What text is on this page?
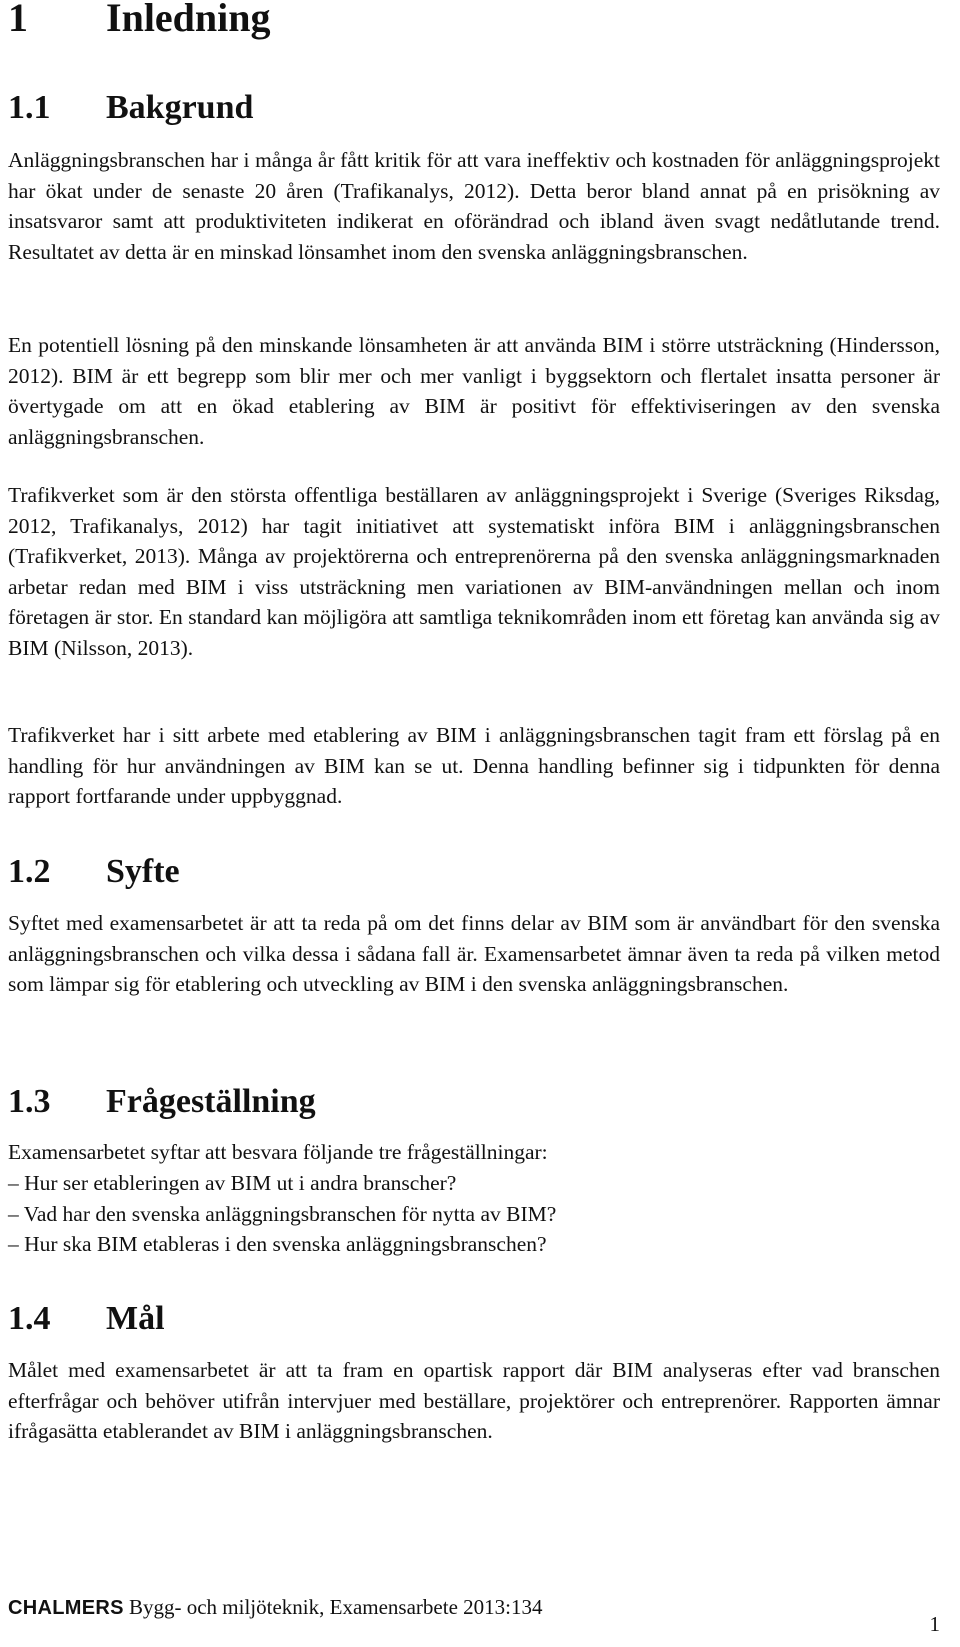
1 Inledning
1.1 Bakgrund

Anläggningsbranschen har i många år fått kritik för att vara ineffektiv och kostnaden för anläggningsprojekt har ökat under de senaste 20 åren (Trafikanalys, 2012). Detta beror bland annat på en prisökning av insatsvaror samt att produktiviteten indikerat en oförändrad och ibland även svagt nedåtlutande trend. Resultatet av detta är en minskad lönsamhet inom den svenska anläggningsbranschen.

En potentiell lösning på den minskande lönsamheten är att använda BIM i större utsträckning (Hindersson, 2012). BIM är ett begrepp som blir mer och mer vanligt i byggsektorn och flertalet insatta personer är övertygade om att en ökad etablering av BIM är positivt för effektiviseringen av den svenska anläggningsbranschen.

Trafikverket som är den största offentliga beställaren av anläggningsprojekt i Sverige (Sveriges Riksdag, 2012, Trafikanalys, 2012) har tagit initiativet att systematiskt införa BIM i anläggningsbranschen (Trafikverket, 2013). Många av projektörerna och entreprenörerna på den svenska anläggningsmarknaden arbetar redan med BIM i viss utsträckning men variationen av BIM-användningen mellan och inom företagen är stor. En standard kan möjligöra att samtliga teknikområden inom ett företag kan använda sig av BIM (Nilsson, 2013).

Trafikverket har i sitt arbete med etablering av BIM i anläggningsbranschen tagit fram ett förslag på en handling för hur användningen av BIM kan se ut. Denna handling befinner sig i tidpunkten för denna rapport fortfarande under uppbyggnad.

1.2 Syfte

Syftet med examensarbetet är att ta reda på om det finns delar av BIM som är användbart för den svenska anläggningsbranschen och vilka dessa i sådana fall är. Examensarbetet ämnar även ta reda på vilken metod som lämpar sig för etablering och utveckling av BIM i den svenska anläggningsbranschen.

1.3 Frågeställning

Examensarbetet syftar att besvara följande tre frågeställningar:

– Hur ser etableringen av BIM ut i andra branscher?
– Vad har den svenska anläggningsbranschen för nytta av BIM?
– Hur ska BIM etableras i den svenska anläggningsbranschen?
1.4 Mål

Målet med examensarbetet är att ta fram en opartisk rapport där BIM analyseras efter vad branschen efterfrågar och behöver utifrån intervjuer med beställare, projektörer och entreprenörer. Rapporten ämnar ifrågasätta etablerandet av BIM i anläggningsbranschen.

CHALMERS Bygg- och miljöteknik, Examensarbete 2013:134
1
